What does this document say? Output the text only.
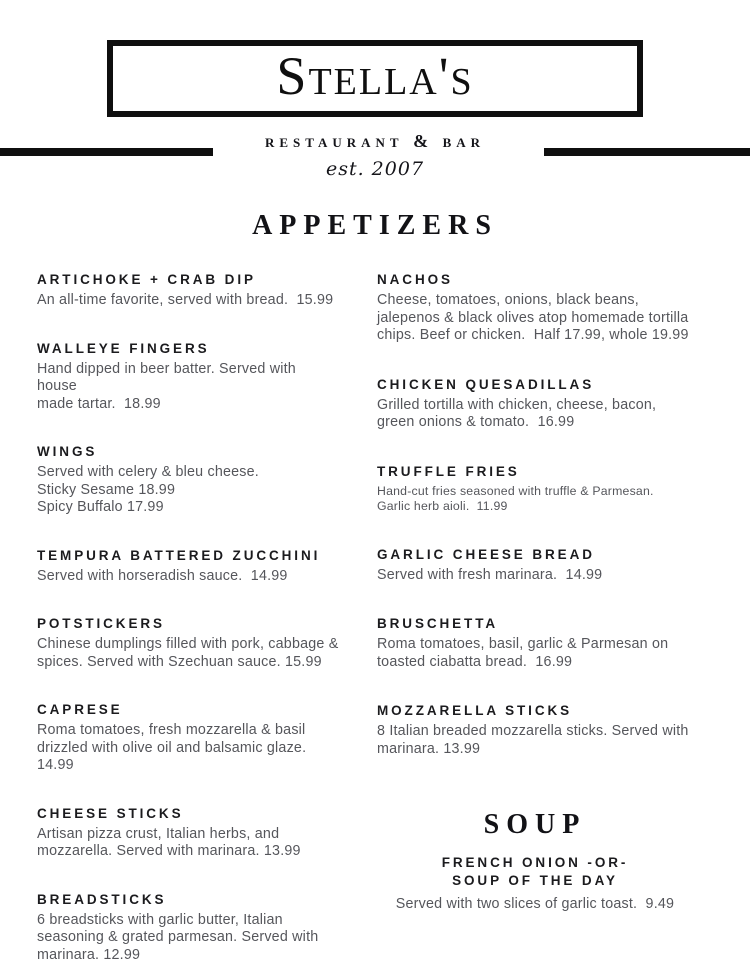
Stella's
restaurant & bar
est. 2007
APPETIZERS
ARTICHOKE + CRAB DIP
An all-time favorite, served with bread.  15.99
WALLEYE FINGERS
Hand dipped in beer batter. Served with house
made tartar.  18.99
WINGS
Served with celery & bleu cheese.
Sticky Sesame 18.99
Spicy Buffalo 17.99
TEMPURA BATTERED ZUCCHINI
Served with horseradish sauce.  14.99
POTSTICKERS
Chinese dumplings filled with pork, cabbage &
spices. Served with Szechuan sauce. 15.99
CAPRESE
Roma tomatoes, fresh mozzarella & basil
drizzled with olive oil and balsamic glaze.  14.99
CHEESE STICKS
Artisan pizza crust, Italian herbs, and
mozzarella. Served with marinara. 13.99
BREADSTICKS
6 breadsticks with garlic butter, Italian
seasoning & grated parmesan. Served with
marinara. 12.99
NACHOS
Cheese, tomatoes, onions, black beans,
jalepenos & black olives atop homemade tortilla
chips. Beef or chicken.  Half 17.99, whole 19.99
CHICKEN QUESADILLAS
Grilled tortilla with chicken, cheese, bacon,
green onions & tomato.  16.99
TRUFFLE FRIES
Hand-cut fries seasoned with truffle & Parmesan.
Garlic herb aioli.  11.99
GARLIC CHEESE BREAD
Served with fresh marinara.  14.99
BRUSCHETTA
Roma tomatoes, basil, garlic & Parmesan on
toasted ciabatta bread.  16.99
MOZZARELLA STICKS
8 Italian breaded mozzarella sticks. Served with
marinara. 13.99
SOUP
FRENCH ONION -OR-
SOUP OF THE DAY
Served with two slices of garlic toast.  9.49
